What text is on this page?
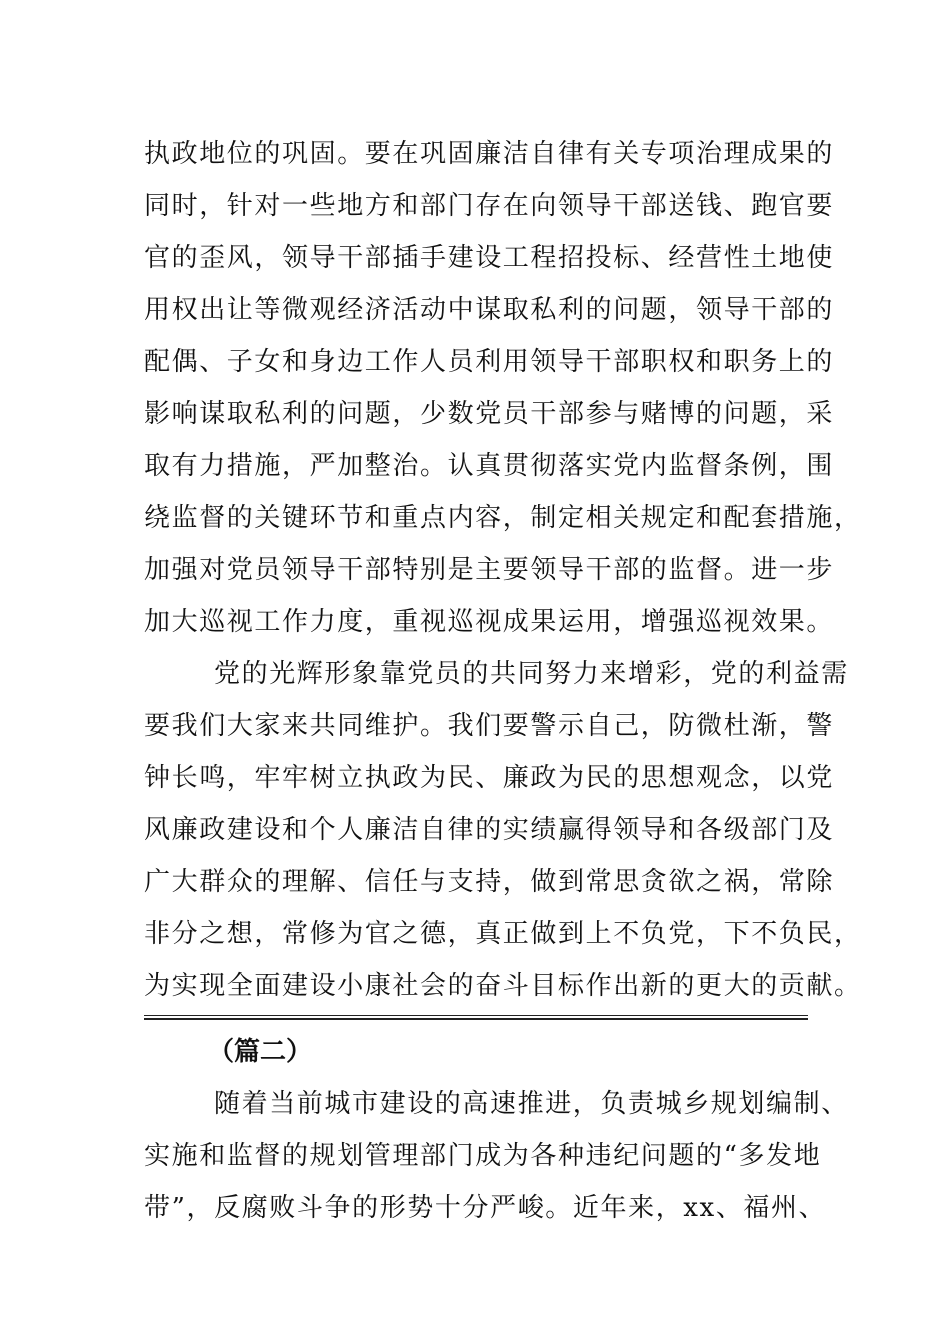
执政地位的巩固。要在巩固廉洁自律有关专项治理成果的
同时，针对一些地方和部门存在向领导干部送钱、跑官要
官的歪风，领导干部插手建设工程招投标、经营性土地使
用权出让等微观经济活动中谋取私利的问题，领导干部的
配偶、子女和身边工作人员利用领导干部职权和职务上的
影响谋取私利的问题，少数党员干部参与赌博的问题，采
取有力措施，严加整治。认真贯彻落实党内监督条例，围
绕监督的关键环节和重点内容，制定相关规定和配套措施，
加强对党员领导干部特别是主要领导干部的监督。进一步
加大巡视工作力度，重视巡视成果运用，增强巡视效果。
党的光辉形象靠党员的共同努力来增彩，党的利益需
要我们大家来共同维护。我们要警示自己，防微杜渐，警
钟长鸣，牢牢树立执政为民、廉政为民的思想观念，以党
风廉政建设和个人廉洁自律的实绩赢得领导和各级部门及
广大群众的理解、信任与支持，做到常思贪欲之祸，常除
非分之想，常修为官之德，真正做到上不负党，下不负民，
为实现全面建设小康社会的奋斗目标作出新的更大的贡献。
（篇二）
随着当前城市建设的高速推进，负责城乡规划编制、
实施和监督的规划管理部门成为各种违纪问题的“多发地
带”，反腐败斗争的形势十分严峻。近年来，xx、福州、
